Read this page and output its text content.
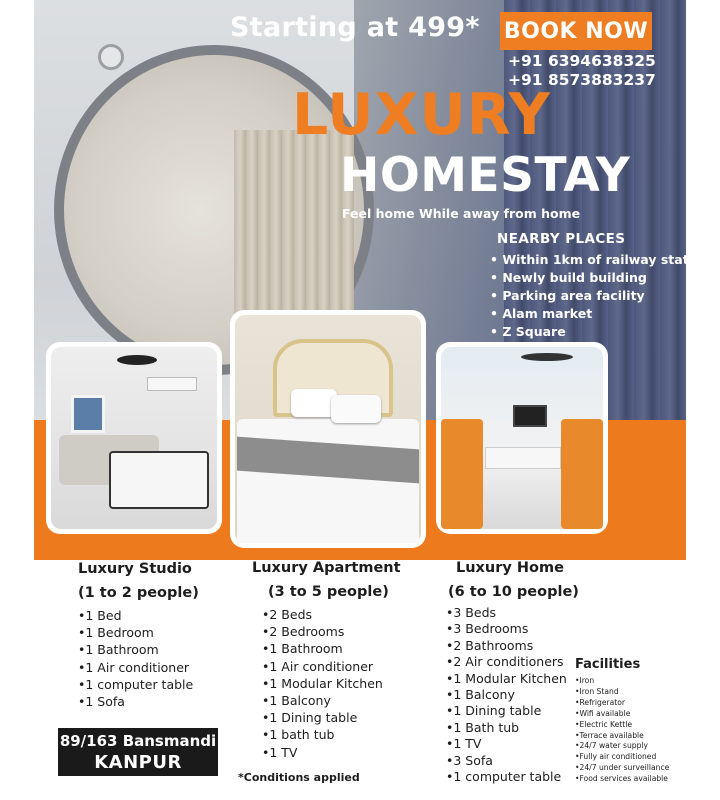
Starting at 499* BOOK NOW
+91 6394638325
+91 8573883237
LUXURY
HOMESTAY
Feel home While away from home
NEARBY PLACES
• Within 1km of railway station
• Newly build building
• Parking area facility
• Alam market
• Z Square
Luxury Studio
(1 to 2 people)
• 1 Bed
• 1 Bedroom
• 1 Bathroom
• 1 Air conditioner
• 1 computer table
• 1 Sofa
Luxury Apartment
(3 to 5 people)
• 2 Beds
• 2 Bedrooms
• 1 Bathroom
• 1 Air conditioner
• 1 Modular Kitchen
• 1 Balcony
• 1 Dining table
• 1 bath tub
• 1 TV
Luxury Home
(6 to 10 people)
• 3 Beds
• 3 Bedrooms
• 2 Bathrooms
• 2 Air conditioners
• 1 Modular Kitchen
• 1 Balcony
• 1 Dining table
• 1 Bath tub
• 1 TV
• 3 Sofa
• 1 computer table
Facilities
• Iron
• Iron Stand
• Refrigerator
• Wifi available
• Electric Kettle
• Terrace available
• 24/7 water supply
• Fully air conditioned
• 24/7 under surveillance
• Food services available
89/163 Bansmandi
KANPUR
*Conditions applied
